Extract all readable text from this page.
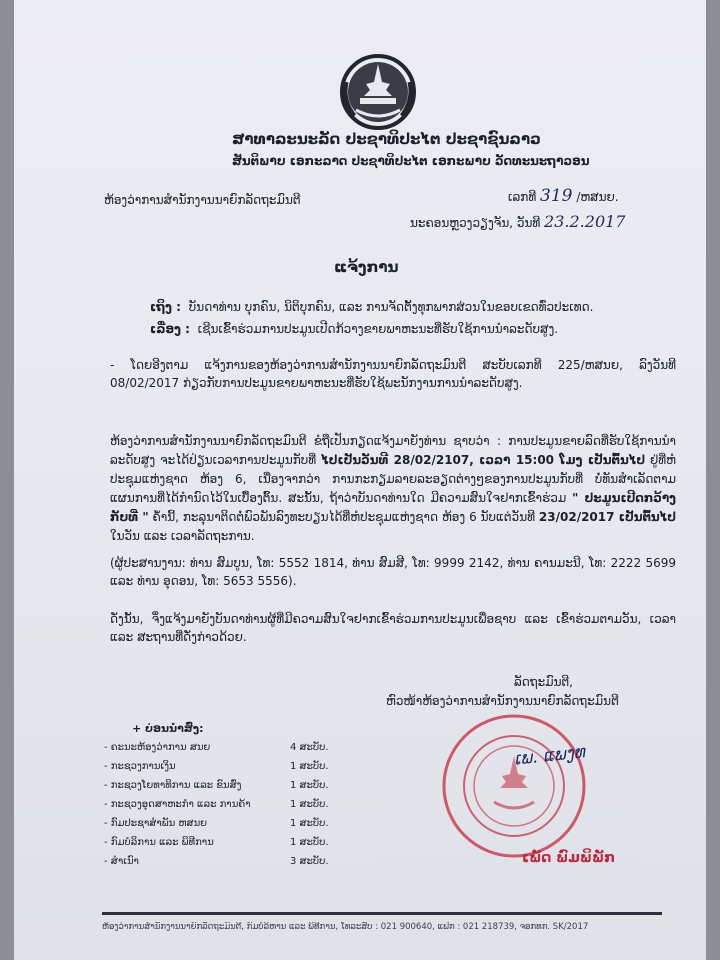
ສາທາລະນະລັດ ປະຊາທິປະໄຕ ປະຊາຊົນລາວ
ສັນຕິພາບ ເອກະລາດ ປະຊາທິປະໄຕ ເອກະພາບ ວັດທະນະຖາວອນ
ຫ້ອງວ່າການສຳນັກງານນາຍົກລັດຖະມົນຕີ	ເລກທີ 319 /ຫສນຍ.
ນະຄອນຫຼວງວຽງຈັນ, ວັນທີ 23.2.2017
ແຈ້ງການ
ເຖິງ : ບັນດາທ່ານ ບຸກຄົນ, ນິຕິບຸກຄົນ, ແລະ ການຈັດຕັ້ງທຸກພາກສ່ວນໃນຂອບເຂດທົ່ວປະເທດ.
ເລື່ອງ : ເຊີນເຂົ້າຮ່ວມການປະມູນເປີດກ້ວາງຂາຍພາຫະນະທີ່ຮັບໃຊ້ການນຳລະດັບສູງ.
- ໂດຍອີງຕາມ ແຈ້ງການຂອງຫ້ອງວ່າການສຳນັກງານນາຍົກລັດຖະມົນຕີ ສະບັບເລກທີ 225/ຫສນຍ, ລົງວັນທີ 08/02/2017 ກ່ຽວກັບການປະມູນຂາຍພາຫະນະທີ່ຮັບໃຊ້ພະນັກງານການນຳລະດັບສູງ.
ຫ້ອງວ່າການສຳນັກງານນາຍົກລັດຖະມົນຕີ ຂໍຖືເປັນກຽດແຈ້ງມາຍັງທ່ານ ຊາບວ່າ : ການປະມູນຂາຍລົດທີ່ຮັບໃຊ້ການນຳລະດັບສູງ ຈະໄດ້ປ່ຽນເວລາການປະມູນກັບທີ່ ໄປເປັນວັນທີ 28/02/2107, ເວລາ 15:00 ໂມງ ເປັນຕົ້ນໄປ ຢູ່ທີ່ຫໍປະຊຸມແຫ່ງຊາດ ຫ້ອງ 6, ເນື່ອງຈາກວ່າ ການກະກຽມລາຍລະອຽດຕ່າງໆຂອງການປະມູນກັບທີ່ ບໍ່ທັນສຳເລັດຕາມແຜນການທີ່ໄດ້ກຳນົດໄວ້ໃນເບື້ອງຕົ້ນ. ສະນັ້ນ, ຖ້າວ່າບັນດາທ່ານໃດ ມີຄວາມສົນໃຈຢາກເຂົ້າຮ່ວມ " ປະມູນເປີດກວ້າງກັບທີ່ " ຄໍ້ານີ້, ກະລຸນາຕິດຕໍ່ພົວພັນລົງທະບຽນໄດ້ທີ່ຫໍປະຊຸມແຫ່ງຊາດ ຫ້ອງ 6 ນັບແຕ່ວັນທີ 23/02/2017 ເປັນຕົ້ນໄປ ໃນວັນ ແລະ ເວລາລັດຖະການ.
(ຜູ້ປະສານງານ: ທ່ານ ສົມບູນ, ໂທ: 5552 1814, ທ່ານ ສົມສີ, ໂທ: 9999 2142, ທ່ານ ຄານມະນີ, ໂທ: 2222 5699 ແລະ ທ່ານ ອຸດອນ, ໂທ: 5653 5556).
ດັ່ງນັ້ນ, ຈຶ່ງແຈ້ງມາຍັງບັນດາທ່ານຜູ້ທີ່ມີຄວາມສົນໃຈຢາກເຂົ້າຮ່ວມການປະມູນເພື່ອຊາບ ແລະ ເຂົ້າຮ່ວມຕາມວັນ, ເວລາ ແລະ ສະຖານທີ່ດັ່ງກ່າວດ້ວຍ.
ລັດຖະມົນຕີ,
ຫົວໜ້າຫ້ອງວ່າການສຳນັກງານນາຍົກລັດຖະມົນຕີ
+ ບ່ອນນຳສົ່ງ:
- ຄະນະຫ້ອງວ່າການ ສນຍ	4 ສະບັບ.
- ກະຊວງການເງິນ	1 ສະບັບ.
- ກະຊວງໂຍທາທິການ ແລະ ຂົນສົ່ງ	1 ສະບັບ.
- ກະຊວງອຸດສາຫະກຳ ແລະ ການຄ້າ	1 ສະບັບ.
- ກົມປະຊາສຳພັນ ຫສນຍ	1 ສະບັບ.
- ກົມບໍລິການ ແລະ ພິທີການ	1 ສະບັບ.
- ສຳເນົາ	3 ສະບັບ.
ເພ. ແພງທ
ເພັດ ພົມພິພັກ
ຫ້ອງວ່າການສຳນັກງານນາຍົກລັດຖະມົນຕີ, ກົມບໍລິຫານ ແລະ ພິທີການ, ໂທລະສັບ : 021 900640, ແຟັກ : 021 218739, ຈອກທກ. SK/2017
